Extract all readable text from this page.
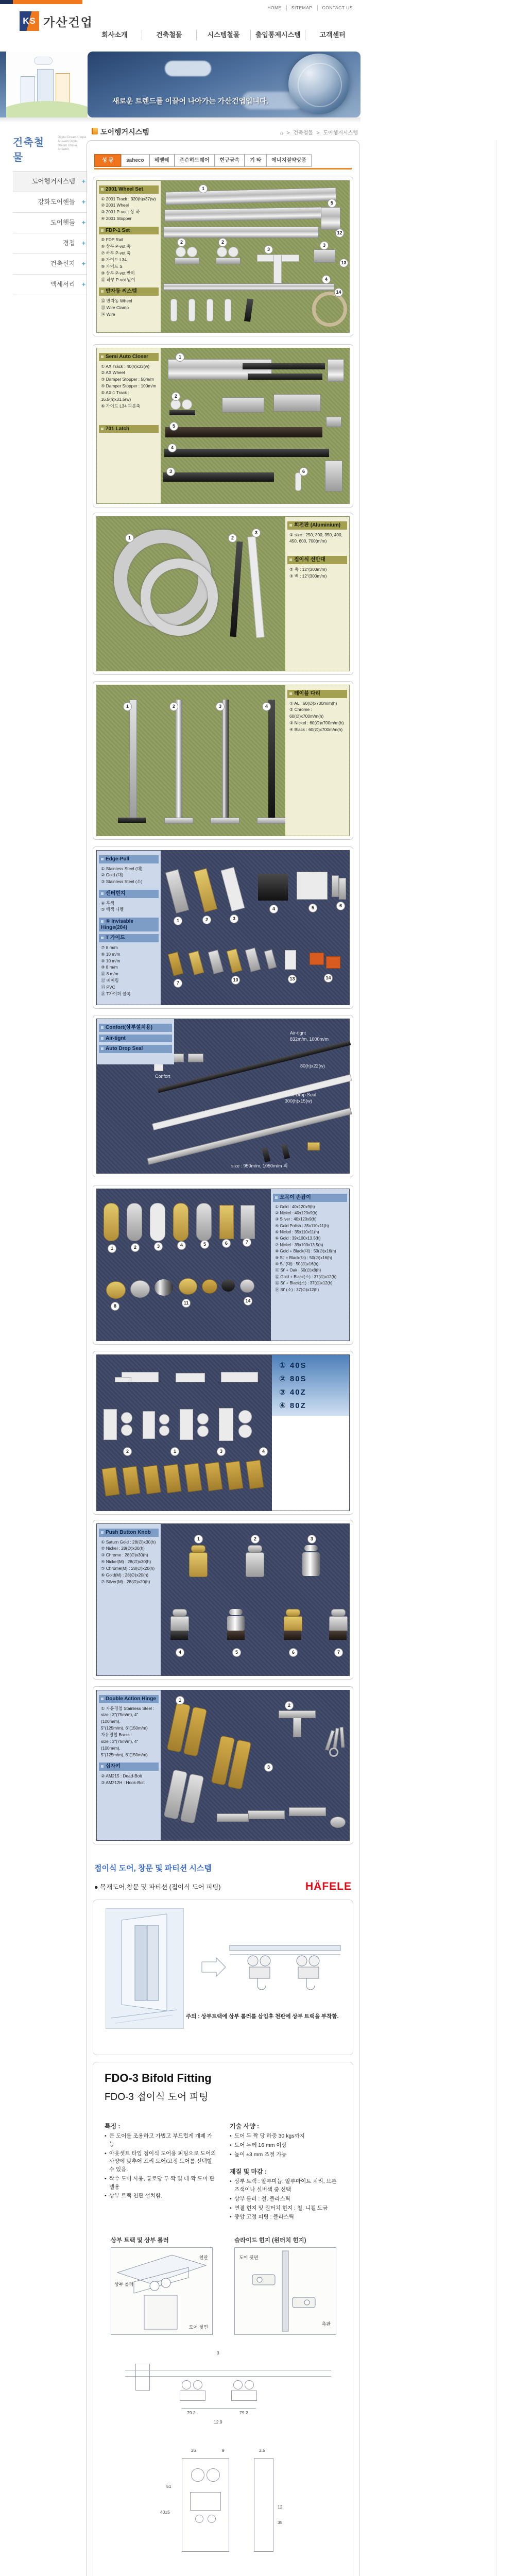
HOME	SITEMAP	CONTACT US
KS 가산건업
회사소개	건축철물	시스템철물	출입통제시스템	고객센터
새로운 트렌드를 이끌어 나아가는 가산건업입니다.
도어헹거시스템	⌂ > 건축철물 > 도어헹거시스템
건축철물
Digital Dream Utopia Answeb Digital Dream Utopia Answeb
도어헹거시스템 +
강화도어핸들 +
도어핸들 +
경첩 +
건축힌지 +
액세서리 +
성 광	saheco	헤펠레	존슨하드웨어	현규금속	기 타	에너지절약상품
1
2	2
3
3
4
5
12
13
14
2001 Wheel Set
① 2001 Track : 320(h)x37(w)
② 2001 Wheel
③ 2001 P-vot : 상·하
④ 2001 Stopper
FDP-1 Set
⑤ FDP Rail
⑥ 상부 P-vot 축
⑦ 하부 P-vot 축
⑧ 가이드 L34
⑨ 가이드 S
⑩ 상부 P-vot 받이
⑪ 하부 P-vot 받이
반자동 씨스템
⑫ 반자동 Wheel
⑬ Wire Clamp
⑭ Wire
1
2
5
4
3	6
Semi Auto Closer
① AX Track : 40(h)x33(w)
② AX Wheel
③ Damper Stopper : 50m/m
④ Damper Stopper : 100m/m
⑤ AX-1 Track : 16.5(h)x31.5(w)
⑥ 가이드 L34 피봇축
701 Latch
1	2
3
회전판 (Aluminium)
① size : 250, 300, 350, 400, 450, 600, 700(m/m)
접이식 선반대
② 축 : 12"(300m/m)
③ 백 : 12"(300m/m)
1	2	3	4
테이블 다리
① AL : 60(∅)x700m/m(h)
② Chrome : 60(∅)x700m/m(h)
③ Nickel : 60(∅)x700m/m(h)
④ Black : 60(∅)x700m/m(h)
1	2	3
4	5	6
7
10	13	14
Edge-Pull
① Stainless Steel (대)
② Gold (대)
③ Stainless Steel (소)
센터힌지
④ 흑색
⑤ 백색 니켈
⑥ Invisable Hinge(204)
T 가이드
⑦ 8 m/m
⑧ 10 m/m
⑨ 10 m/m
⑩ 8 m/m
⑪ 8 m/m
⑫ 베어링
⑬ PVC
⑭ T가이더 블록
Confort
Air-tignt
832m/m, 1000m/m
80(h)x22(w)
Auto Drop Seal
300(h)x15(w)
size : 950m/m, 1050m/m 외
Confort(상부설치용)
Air-tignt
Auto Drop Seal
1	2	3	4	5	6	7
8
11	14
오목이 손잡이
① Gold : 40x120x9(h)
② Nickel : 40x120x9(h)
③ Silver : 40x120x9(h)
④ Gold Polish : 35x110x11(h)
⑤ Nickel : 35x110x11(h)
⑥ Gold : 39x100x13.5(h)
⑦ Nickel : 39x100x13.5(h)
⑧ Gold + Black(대) : 50(∅)x16(h)
⑨ St' + Black(대) : 50(∅)x16(h)
⑩ St' (대) : 50(∅)x16(h)
⑪ St' + Oak : 50(∅)x8(h)
⑫ Gold + Black(소) : 37(∅)x12(h)
⑬ St' + Black(소) : 37(∅)x12(h)
⑭ St' (소) : 37(∅)x12(h)
2	1	3	4
① 40S
② 80S
③ 40Z
④ 80Z
1	2	3
4	5	6	7
Push Button Knob
① Saturn Gold : 28(∅)x30(h)
② Nickel : 28(∅)x30(h)
③ Chrome : 28(∅)x30(h)
④ Nickel(M) : 28(∅)x30(h)
⑤ Chrome(M) : 28(∅)x20(h)
⑥ Gold(M) : 28(∅)x20(h)
⑦ Silver(M) : 28(∅)x20(h)
1
2
3
Double Action Hinge
① 자유경첩 Stainless Steel :
size : 3"(75m/m), 4"(100m/m),
5"(125m/m), 6"(150m/m)
자유경첩 Brass :
size : 3"(75m/m), 4"(100m/m),
5"(125m/m), 6"(150m/m)
십자키
② AM215 : Dead-Bolt
③ AM212H : Hook-Bolt
접이식 도어, 창문 및 파티션 시스템
● 목재도어,창문 및 파티션 (접이식 도어 피팅)	HÄFELE
주의 : 상부트랙에 상부 롤러를 삽입후 천판에 상부 트랙을 부착함.
FDO-3 Bifold Fitting
FDO-3 접이식 도어 피팅
특징 :
• 큰 도어를 조용하고 가볍고 부드럽게 개폐 가능
• 아웃셋트 타입 접이식 도어용 피팅으로 도어의 사양에 맞추어 프리 도어/고정 도어를 선택할 수 있음.
• 짝수 도어 사용, 통로당 두 짝 및 네 짝 도어 판넬용
• 상부 트랙 천판 설치함.
기술 사양 :
• 도어 두 짝 당 하중 30 kgs까지
• 도어 두께 16 mm 이상
• 높이 ±3 mm 조절 가능
재질 및 마감 :
• 상부 트랙 : 알루미늄, 알루마이트 처리, 브론즈색이나 실버색 중 선택
• 상부 롤러 : 철, 플라스틱
• 연결 힌지 및 원터치 힌지 : 철, 니켈 도금
• 중앙 고정 피팅 : 플라스틱
상부 트랙 및 상부 롤러
천판
상부 롤러
도어 뒷면
슬라이드 힌지 (원터치 힌지)
도어 뒷면
측판
3
79.2	79.2
12.9
26	9	2.5
51
40±5
12
35
